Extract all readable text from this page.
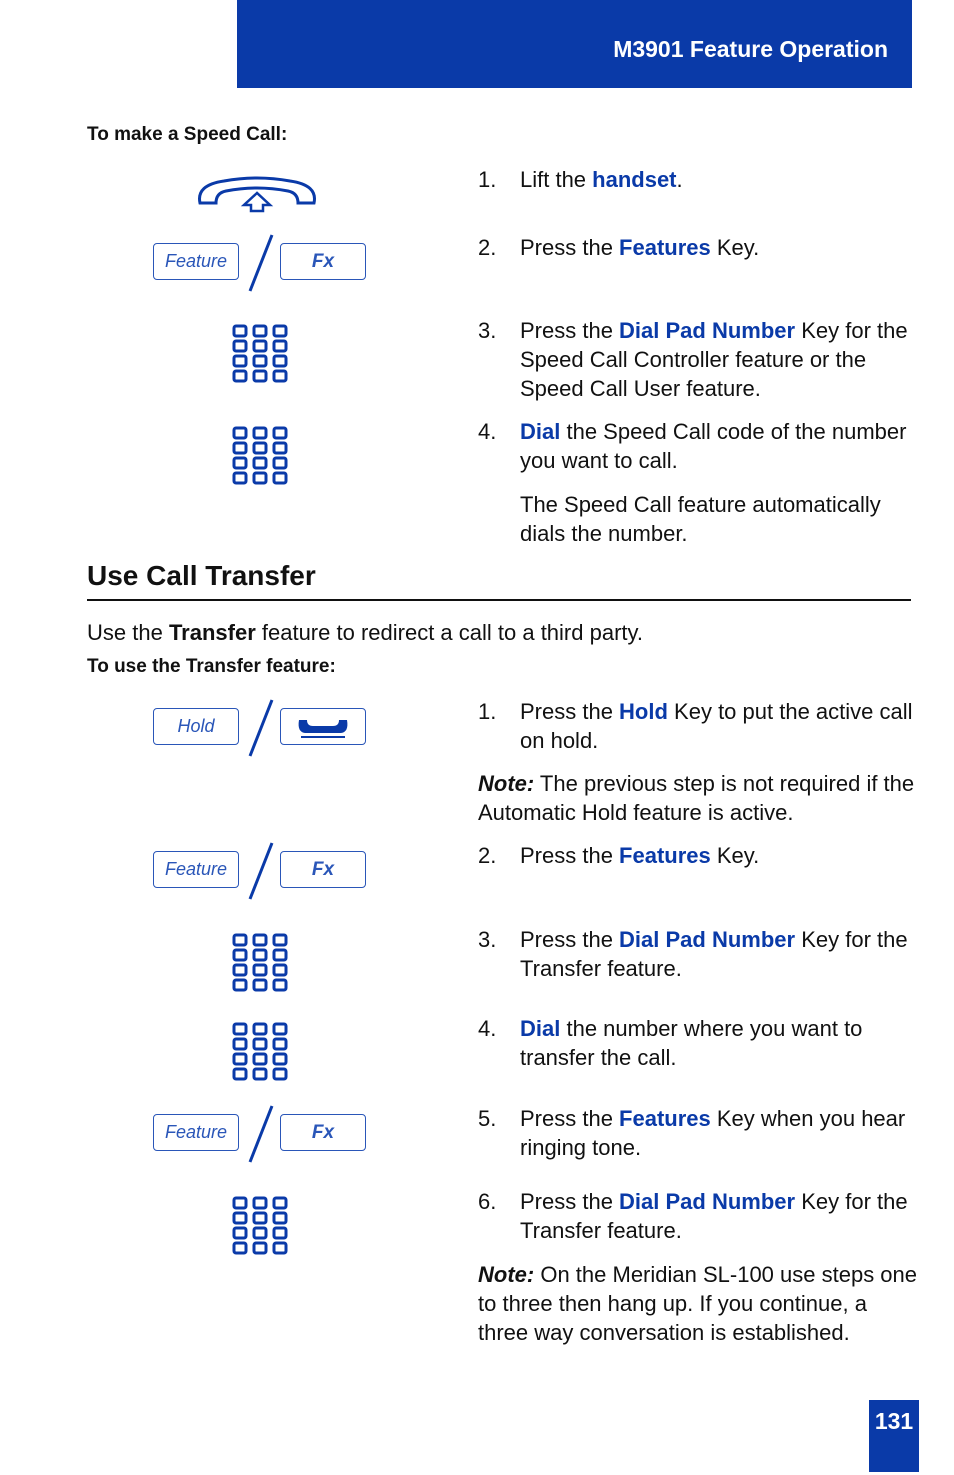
M3901 Feature Operation
To make a Speed Call:
Feature	Fx
1. Lift the handset.
2. Press the Features Key.
3. Press the Dial Pad Number Key for the Speed Call Controller feature or the Speed Call User feature.
4. Dial the Speed Call code of the number you want to call.
The Speed Call feature automatically dials the number.
Use Call Transfer
Use the Transfer feature to redirect a call to a third party.
To use the Transfer feature:
Hold
Feature	Fx
Feature	Fx
1. Press the Hold Key to put the active call on hold.
Note: The previous step is not required if the Automatic Hold feature is active.
2. Press the Features Key.
3. Press the Dial Pad Number Key for the Transfer feature.
4. Dial the number where you want to transfer the call.
5. Press the Features Key when you hear ringing tone.
6. Press the Dial Pad Number Key for the Transfer feature.
Note: On the Meridian SL-100 use steps one to three then hang up. If you continue, a three way conversation is established.
131
